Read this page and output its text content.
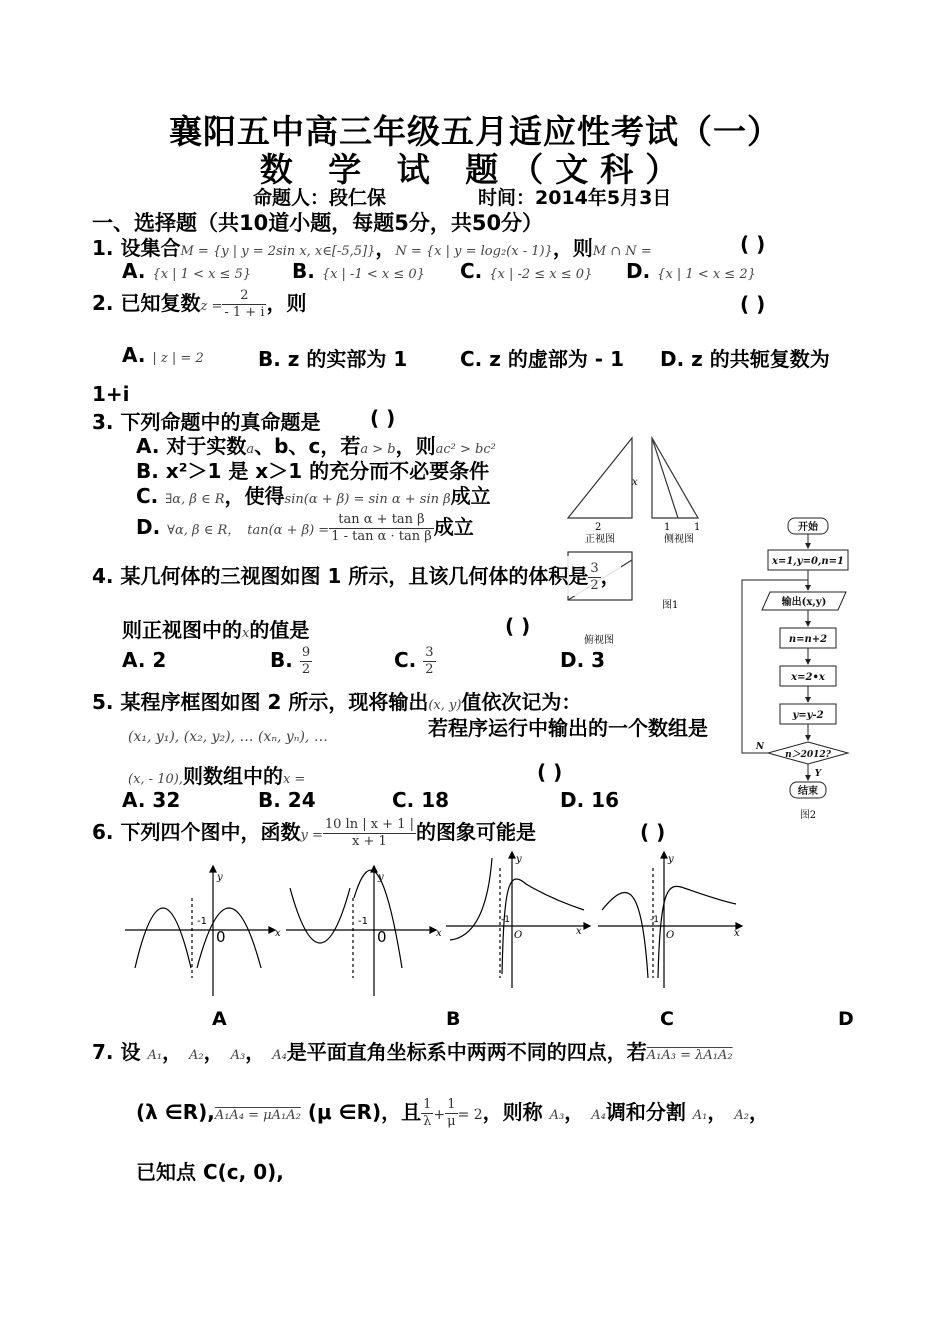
襄阳五中高三年级五月适应性考试（一）
数 学 试 题（文科）
命题人：段仁保	时间：2014年5月3日
一、选择题（共10道小题，每题5分，共50分）
1. 设集合M = {y | y = 2sin x, x∈[-5,5]}，N = {x | y = log₂(x - 1)}，则M ∩ N =	( )
A. {x | 1 < x ≤ 5} B. {x | -1 < x ≤ 0} C. {x | -2 ≤ x ≤ 0} D. {x | 1 < x ≤ 2}
2. 已知复数$z = \frac{2}{- 1 + i}$ ，则	( )
A. | z | = 2	B. z 的实部为 1	C. z 的虚部为 - 1 D. z 的共轭复数为
1+i
3. 下列命题中的真命题是 ( )
A. 对于实数a、b、c，若a > b，则ac² > bc²
B. x²＞1 是 x＞1 的充分而不必要条件
C. ∃α, β ∈ R，使得sin(α + β) = sin α + sin β成立
D. ∀α, β ∈ R， $\tan(\alpha + \beta) = \frac{\text{tan α + tan β}}{\text{1 - tan α · tan β}}$ 成立
x
2	1 1
正视图	侧视图
图1
俯视图
4. 某几何体的三视图如图 1 所示，且该几何体的体积是 $\frac{3}{2}$ ，
则正视图中的x的值是	( )
A. 2	B. $\frac{9}{2}$	C. $\frac{3}{2}$	D. 3
开始
x=1,y=0,n=1
输出(x,y)
n=n+2
x=2•x
y=y-2
n＞2012?
N
Y
结束
图2
5. 某程序框图如图 2 所示，现将输出(x, y)值依次记为：
(x₁, y₁), (x₂, y₂), … (xₙ, yₙ), …	若程序运行中输出的一个数组是
(x, - 10),则数组中的x =	( )
A. 32	B. 24	C. 18	D. 16
6. 下列四个图中，函数$y = \frac{10 \ln | x + 1 |}{x + 1}$ 的图象可能是	( )
x
y
-1
0	x
y
-1
0	x
y
-1
O	x
y
-1
O
A	B	C	D
7. 设 A₁， A₂， A₃， A₄是平面直角坐标系中两两不同的四点，若A₁A₃ = λA₁A₂
(λ ∈R),A₁A₄ = μA₁A₂ (μ ∈R)，且 $\frac{1}{\lambda} + \frac{1}{\mu} = 2$，则称 A₃， A₄调和分割 A₁， A₂，
已知点 C(c, 0),
